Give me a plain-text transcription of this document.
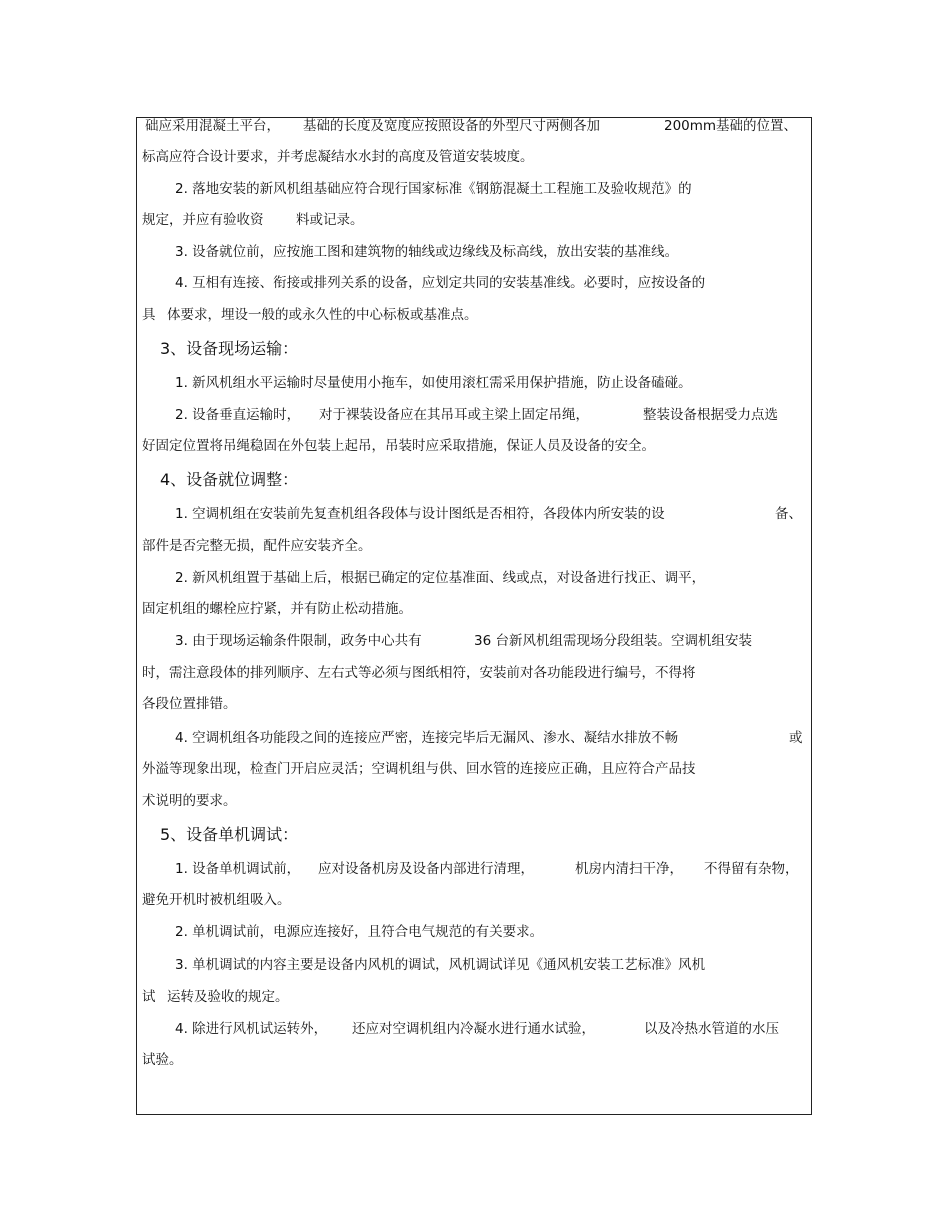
础应采用混凝土平台， 基础的长度及宽度应按照设备的外型尺寸两侧各加	200mm 基础的位置、
标高应符合设计要求，并考虑凝结水水封的高度及管道安装坡度。
2. 落地安装的新风机组基础应符合现行国家标准《钢筋混凝土工程施工及验收规范》的
规定，并应有验收资 料或记录。
3. 设备就位前，应按施工图和建筑物的轴线或边缘线及标高线，放出安装的基准线。
4. 互相有连接、衔接或排列关系的设备，应划定共同的安装基准线。必要时，应按设备的
具 体要求，埋设一般的或永久性的中心标板或基准点。
3、设备现场运输：
1. 新风机组水平运输时尽量使用小拖车，如使用滚杠需采用保护措施，防止设备磕碰。
2. 设备垂直运输时， 对于裸装设备应在其吊耳或主梁上固定吊绳，	整装设备根据受力点选
好固定位置将吊绳稳固在外包装上起吊，吊装时应采取措施，保证人员及设备的安全。
4、设备就位调整：
1. 空调机组在安装前先复查机组各段体与设计图纸是否相符，各段体内所安装的设	备、
部件是否完整无损，配件应安装齐全。
2. 新风机组置于基础上后，根据已确定的定位基准面、线或点，对设备进行找正、调平，
固定机组的螺栓应拧紧，并有防止松动措施。
3. 由于现场运输条件限制，政务中心共有	36 台新风机组需现场分段组装。空调机组安装
时，需注意段体的排列顺序、左右式等必须与图纸相符，安装前对各功能段进行编号，不得将
各段位置排错。
4. 空调机组各功能段之间的连接应严密，连接完毕后无漏风、渗水、凝结水排放不畅	或
外溢等现象出现，检查门开启应灵活；空调机组与供、回水管的连接应正确，且应符合产品技
术说明的要求。
5、设备单机调试：
1. 设备单机调试前， 应对设备机房及设备内部进行清理，	机房内清扫干净， 不得留有杂物，
避免开机时被机组吸入。
2. 单机调试前，电源应连接好，且符合电气规范的有关要求。
3. 单机调试的内容主要是设备内风机的调试，风机调试详见《通风机安装工艺标准》风机
试 运转及验收的规定。
4. 除进行风机试运转外， 还应对空调机组内冷凝水进行通水试验，	以及冷热水管道的水压
试验。
